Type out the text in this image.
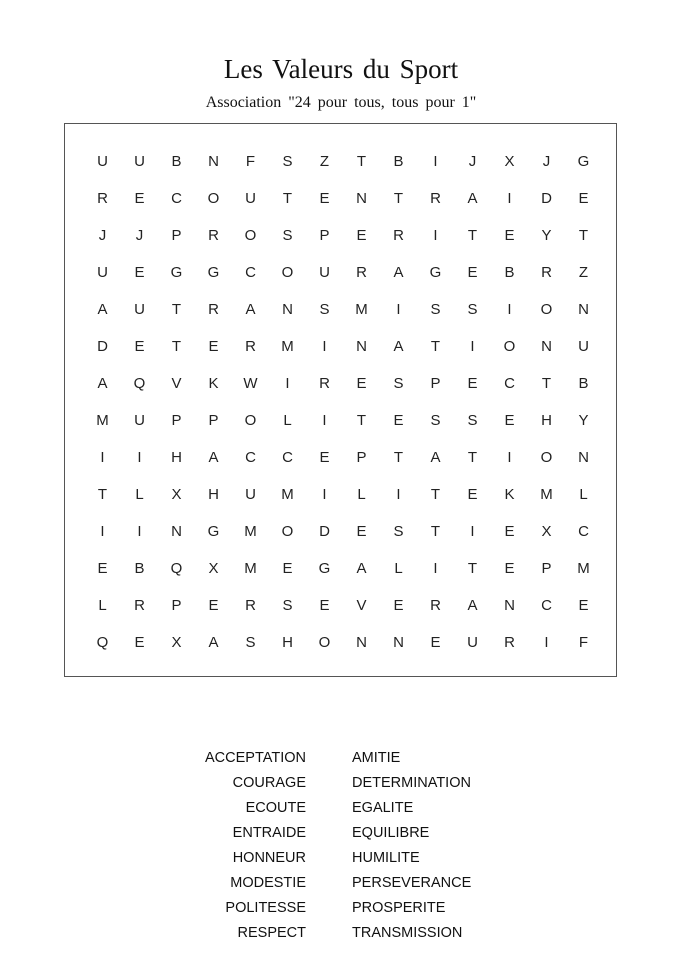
Les Valeurs du Sport
Association "24 pour tous, tous pour 1"
U	U	B	N	F	S	Z	T	B	I	J	X	J	G
R	E	C	O	U	T	E	N	T	R	A	I	D	E
J	J	P	R	O	S	P	E	R	I	T	E	Y	T
U	E	G	G	C	O	U	R	A	G	E	B	R	Z
A	U	T	R	A	N	S	M	I	S	S	I	O	N
D	E	T	E	R	M	I	N	A	T	I	O	N	U
A	Q	V	K	W	I	R	E	S	P	E	C	T	B
M	U	P	P	O	L	I	T	E	S	S	E	H	Y
I	I	H	A	C	C	E	P	T	A	T	I	O	N
T	L	X	H	U	M	I	L	I	T	E	K	M	L
I	I	N	G	M	O	D	E	S	T	I	E	X	C
E	B	Q	X	M	E	G	A	L	I	T	E	P	M
L	R	P	E	R	S	E	V	E	R	A	N	C	E
Q	E	X	A	S	H	O	N	N	E	U	R	I	F
ACCEPTATION
COURAGE
ECOUTE
ENTRAIDE
HONNEUR
MODESTIE
POLITESSE
RESPECT
AMITIE
DETERMINATION
EGALITE
EQUILIBRE
HUMILITE
PERSEVERANCE
PROSPERITE
TRANSMISSION
